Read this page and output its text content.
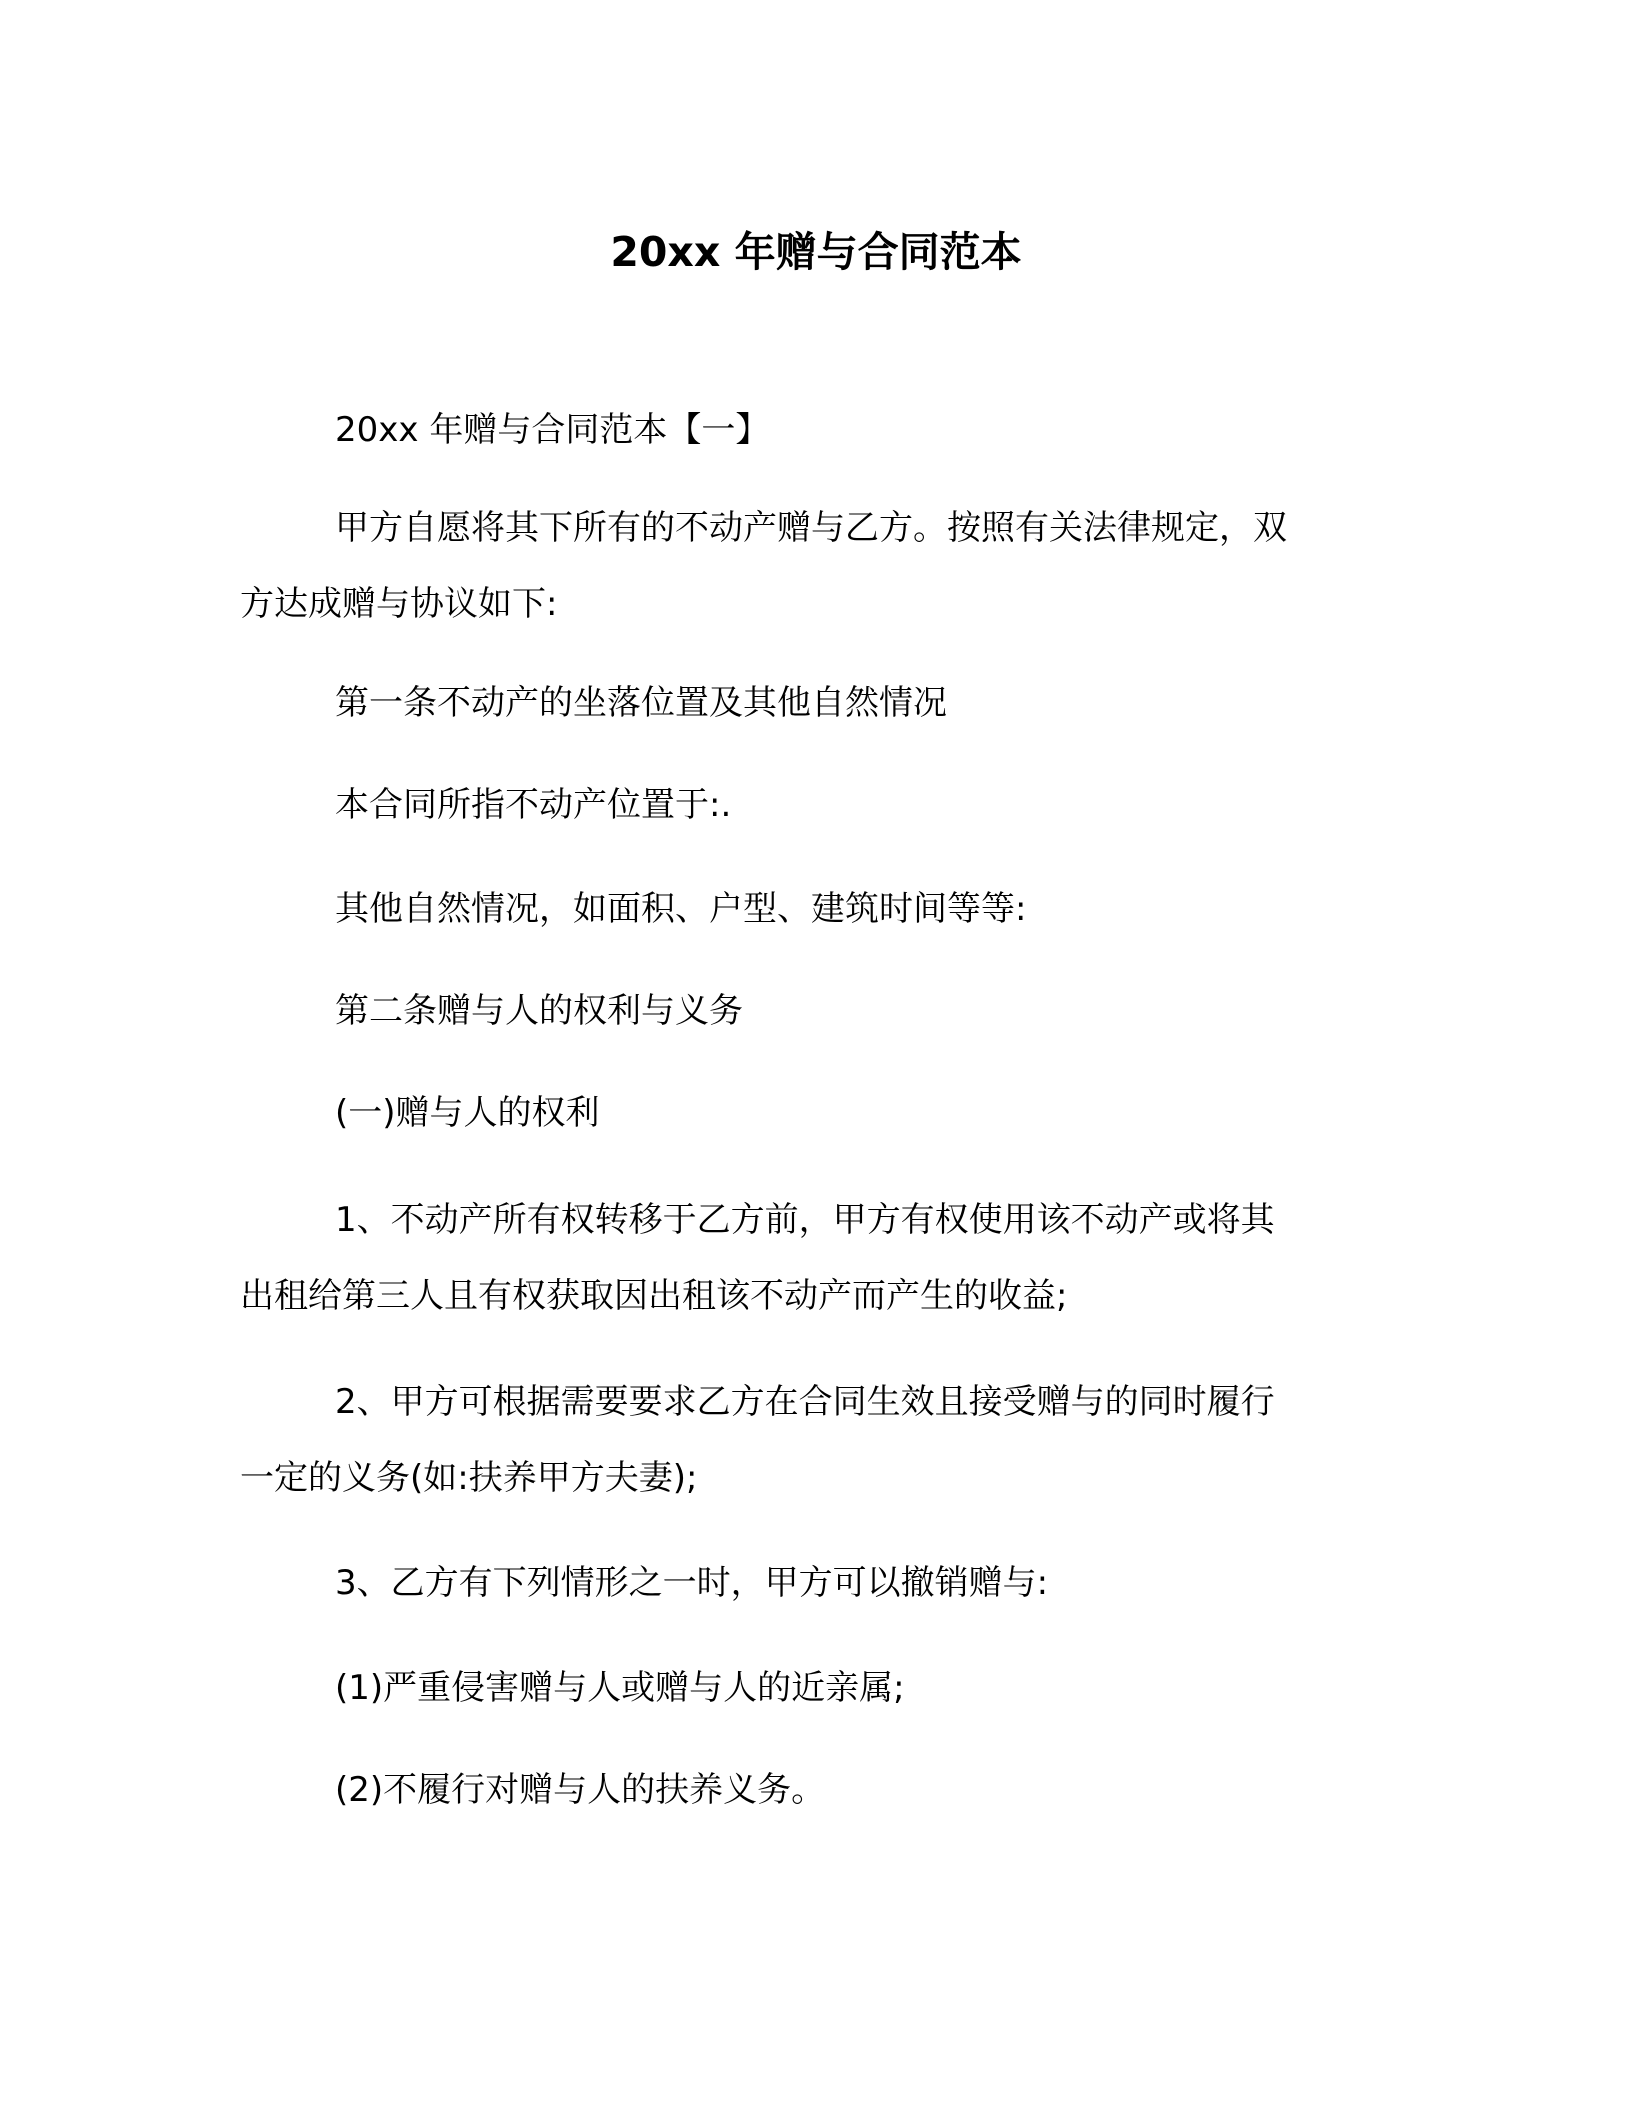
20xx 年赠与合同范本
20xx 年赠与合同范本【一】
甲方自愿将其下所有的不动产赠与乙方。按照有关法律规定，双
方达成赠与协议如下:
第一条不动产的坐落位置及其他自然情况
本合同所指不动产位置于:.
其他自然情况，如面积、户型、建筑时间等等:
第二条赠与人的权利与义务
(一)赠与人的权利
1、不动产所有权转移于乙方前，甲方有权使用该不动产或将其
出租给第三人且有权获取因出租该不动产而产生的收益;
2、甲方可根据需要要求乙方在合同生效且接受赠与的同时履行
一定的义务(如:扶养甲方夫妻);
3、乙方有下列情形之一时，甲方可以撤销赠与:
(1)严重侵害赠与人或赠与人的近亲属;
(2)不履行对赠与人的扶养义务。
